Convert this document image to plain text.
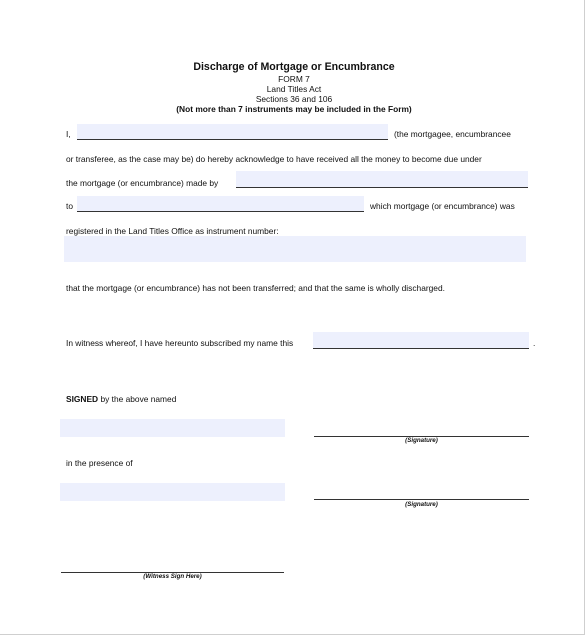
Discharge of Mortgage or Encumbrance
FORM 7
Land Titles Act
Sections 36 and 106
(Not more than 7 instruments may be included in the Form)
I,	(the mortgagee, encumbrancee
or transferee, as the case may be) do hereby acknowledge to have received all the money to become due under
the mortgage (or encumbrance) made by
to	which mortgage (or encumbrance) was
registered in the Land Titles Office as instrument number:
that the mortgage (or encumbrance) has not been transferred; and that the same is wholly discharged.
In witness whereof, I have hereunto subscribed my name this	.
SIGNED by the above named
(Signature)
in the presence of
(Signature)
(Witness Sign Here)
